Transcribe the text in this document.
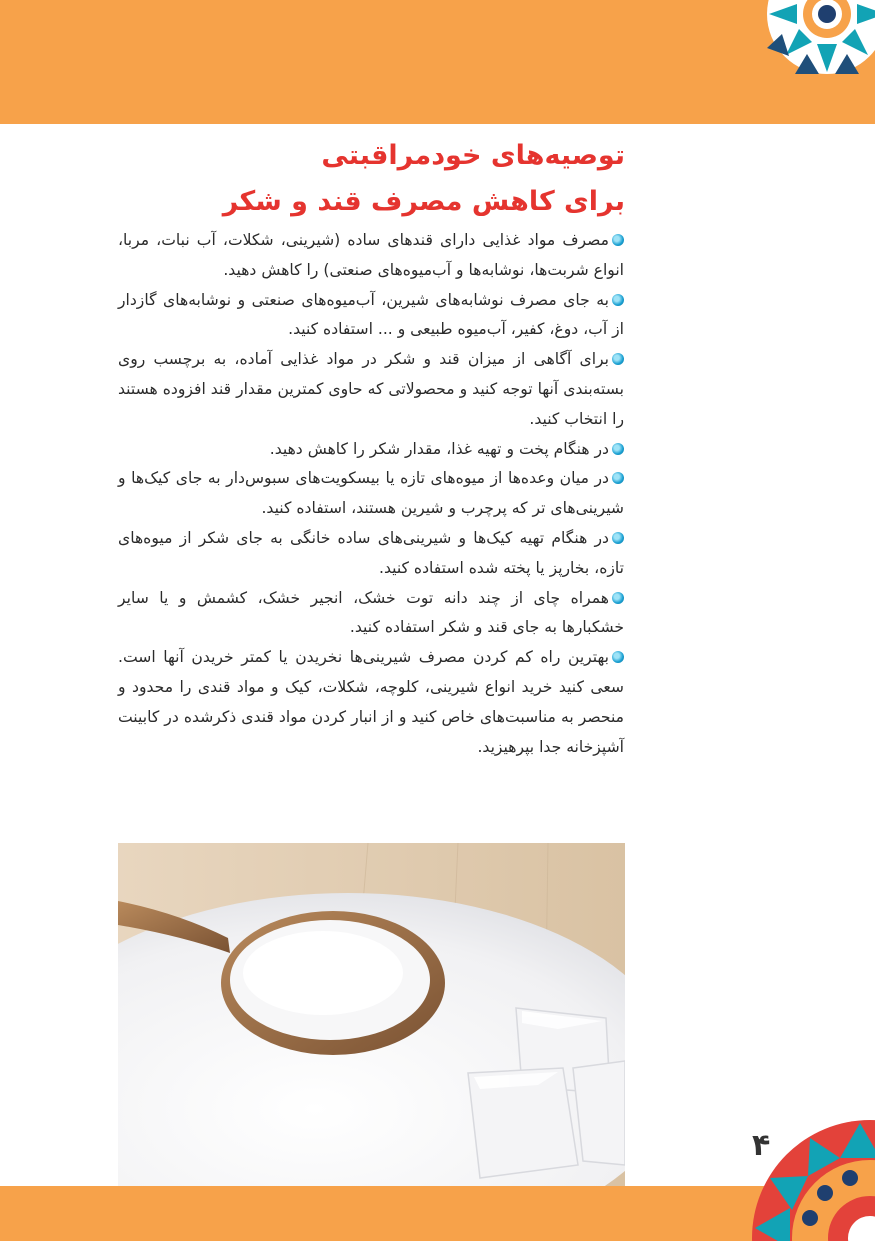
توصیه‌های خودمراقبتی
برای کاهش مصرف قند و شکر

مصرف مواد غذایی دارای قندهای ساده (شیرینی، شکلات، آب نبات، مربا، انواع شربت‌ها، نوشابه‌ها و آب‌میوه‌های صنعتی) را کاهش دهید.

به جای مصرف نوشابه‌های شیرین، آب‌میوه‌های صنعتی و نوشابه‌های گازدار از آب، دوغ، کفیر، آب‌میوه طبیعی و ... استفاده کنید.

برای آگاهی از میزان قند و شکر در مواد غذایی آماده، به برچسب روی بسته‌بندی آنها توجه کنید و محصولاتی که حاوی کمترین مقدار قند افزوده هستند را انتخاب کنید.

در هنگام پخت و تهیه غذا، مقدار شکر را کاهش دهید.

در میان وعده‌ها از میوه‌های تازه یا بیسکویت‌های سبوس‌دار به جای کیک‌ها و شیرینی‌های تر که پرچرب و شیرین هستند، استفاده کنید.

در هنگام تهیه کیک‌ها و شیرینی‌های ساده خانگی به جای شکر از میوه‌های تازه، بخارپز یا پخته شده استفاده کنید.

همراه چای از چند دانه توت خشک، انجیر خشک، کشمش و یا سایر خشکبارها به جای قند و شکر استفاده کنید.

بهترین راه کم کردن مصرف شیرینی‌ها نخریدن یا کمتر خریدن آنها است. سعی کنید خرید انواع شیرینی، کلوچه، شکلات، کیک و مواد قندی را محدود و منحصر به مناسبت‌های خاص کنید و از انبار کردن مواد قندی ذکرشده در کابینت آشپزخانه جدا بپرهیزید.

۴
